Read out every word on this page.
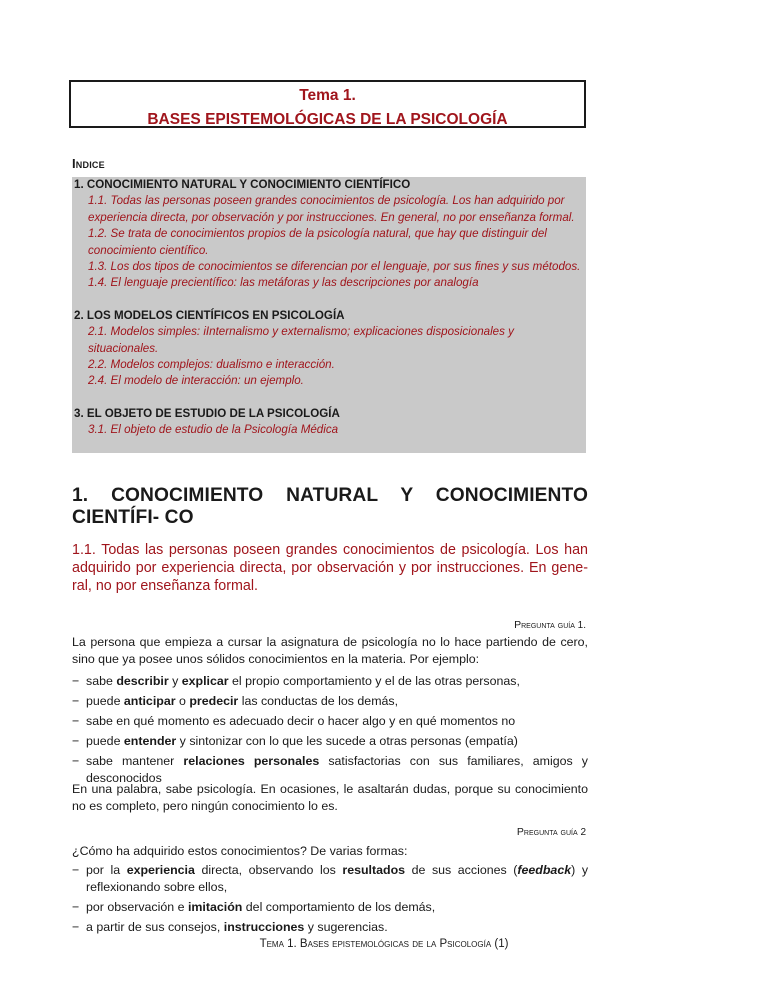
Tema 1.
BASES EPISTEMOLÓGICAS DE LA PSICOLOGÍA
Indice
1. CONOCIMIENTO NATURAL Y CONOCIMIENTO CIENTÍFICO
1.1. Todas las personas poseen grandes conocimientos de psicología. Los han adquirido por experiencia directa, por observación y por instrucciones. En general, no por enseñanza formal.
1.2. Se trata de conocimientos propios de la psicología natural, que hay que distinguir del conocimiento científico.
1.3. Los dos tipos de conocimientos se diferencian por el lenguaje, por sus fines y sus métodos.
1.4. El lenguaje precientífico: las metáforas y las descripciones por analogía
2. LOS MODELOS CIENTÍFICOS EN PSICOLOGÍA
2.1. Modelos simples: iInternalismo y externalismo; explicaciones disposicionales y situacionales.
2.2. Modelos complejos: dualismo e interacción.
2.4. El modelo de interacción: un ejemplo.
3. EL OBJETO DE ESTUDIO DE LA PSICOLOGÍA
3.1. El objeto de estudio de la Psicología Médica
1. CONOCIMIENTO NATURAL Y CONOCIMIENTO CIENTÍFI- CO
1.1. Todas las personas poseen grandes conocimientos de psicología. Los han adquirido por experiencia directa, por observación y por instrucciones. En gene- ral, no por enseñanza formal.
Pregunta guía 1.
La persona que empieza a cursar la asignatura de psicología no lo hace partiendo de cero, sino que ya posee unos sólidos conocimientos en la materia. Por ejemplo:
− sabe describir y explicar el propio comportamiento y el de las otras personas,
− puede anticipar o predecir las conductas de los demás,
− sabe en qué momento es adecuado decir o hacer algo y en qué momentos no
− puede entender y sintonizar con lo que les sucede a otras personas (empatía)
− sabe mantener relaciones personales satisfactorias con sus familiares, amigos y desconocidos
En una palabra, sabe psicología. En ocasiones, le asaltarán dudas, porque su conocimiento no es completo, pero ningún conocimiento lo es.
Pregunta guía 2
¿Cómo ha adquirido estos conocimientos? De varias formas:
− por la experiencia directa, observando los resultados de sus acciones (feedback) y reflexionando sobre ellos,
− por observación e imitación del comportamiento de los demás,
− a partir de sus consejos, instrucciones y sugerencias.
Tema 1. Bases epistemológicas de la Psicología (1)
